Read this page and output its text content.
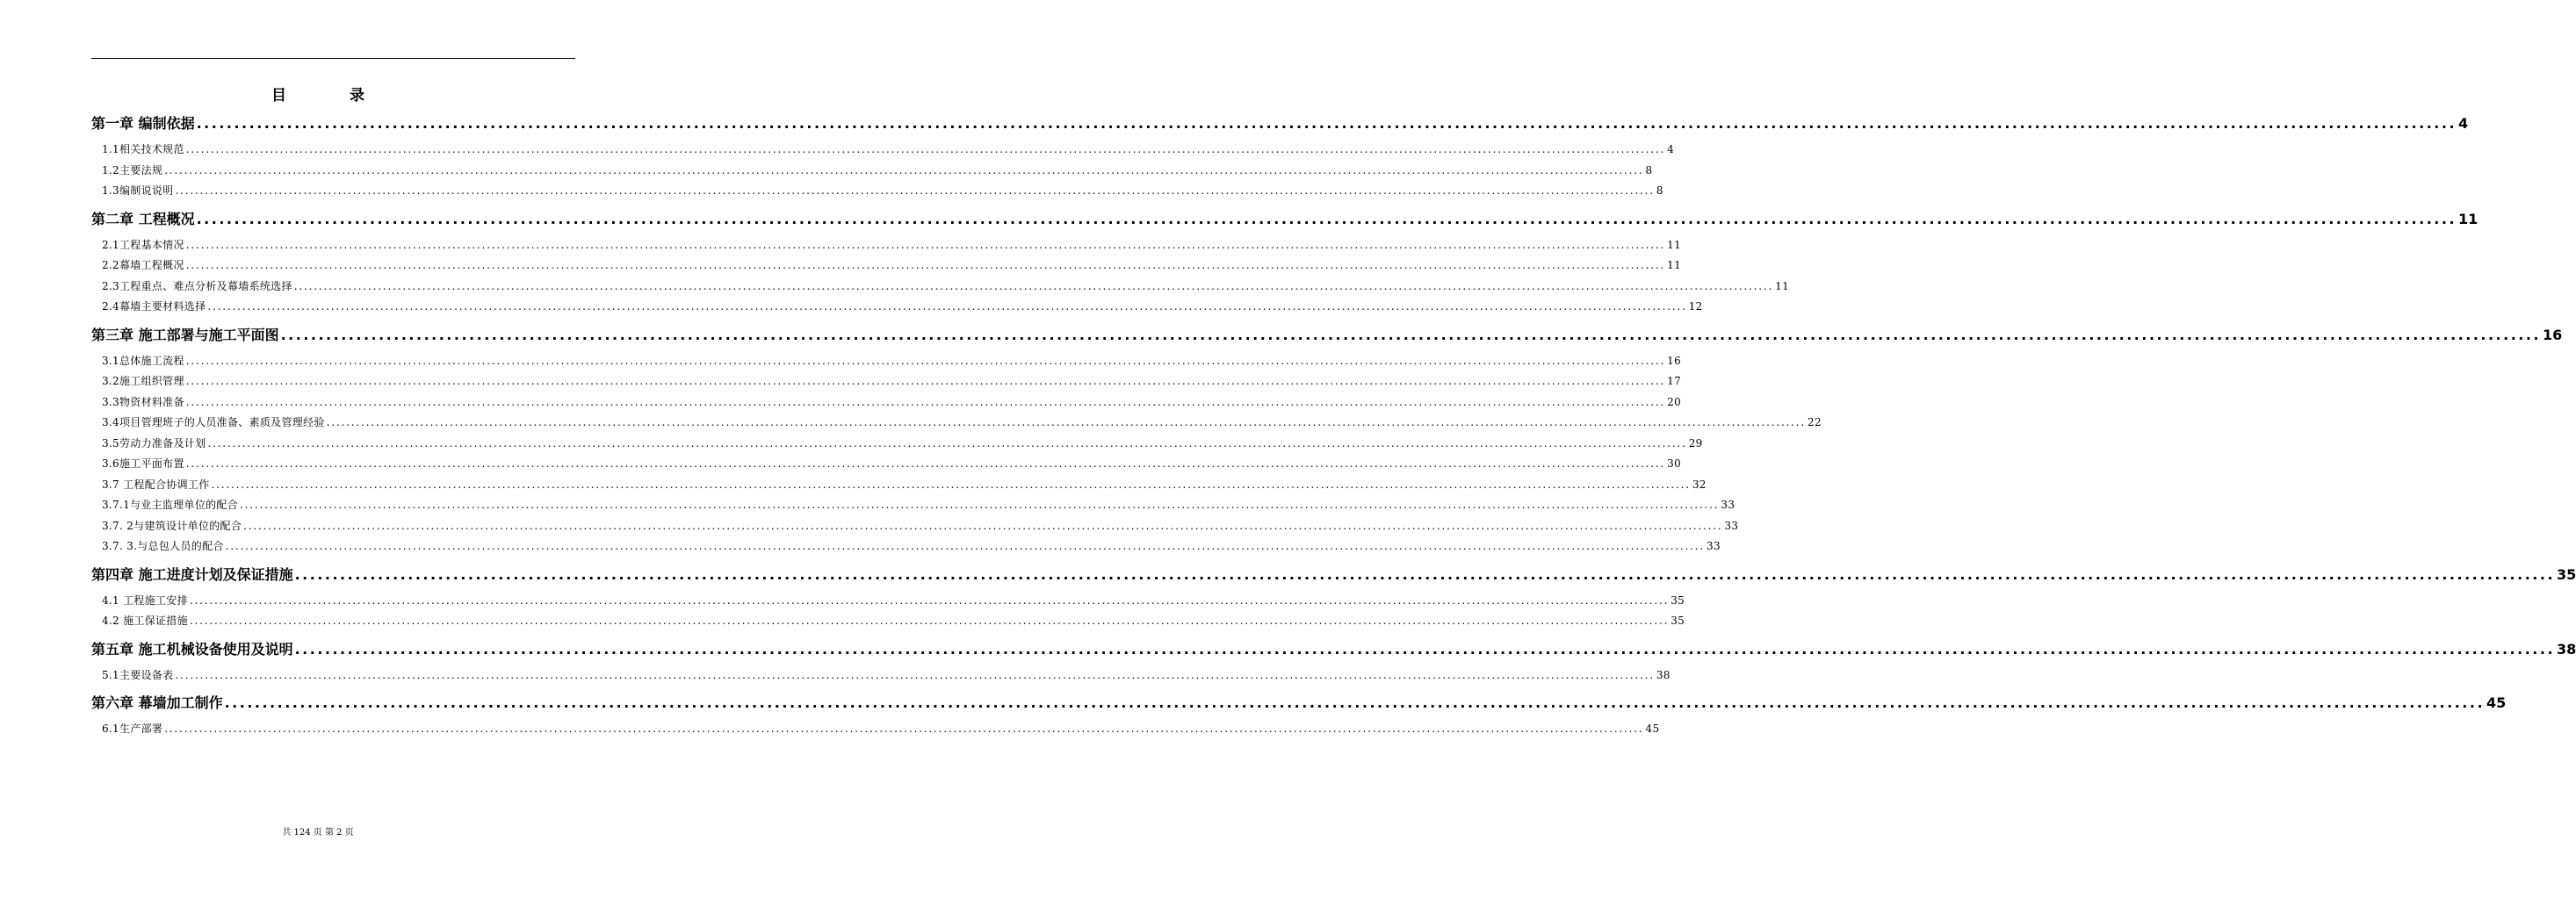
目	录
第一章 编制依据 ............................................................................................................................................................................................................................................................................................................ 4
1.1相关技术规范 ............................................................................................................................................................................................................................................................................................................ 4
1.2主要法规 ............................................................................................................................................................................................................................................................................................................ 8
1.3编制说说明 ............................................................................................................................................................................................................................................................................................................ 8
第二章 工程概况 ............................................................................................................................................................................................................................................................................................................ 11
2.1工程基本情况 ............................................................................................................................................................................................................................................................................................................ 11
2.2幕墙工程概况 ............................................................................................................................................................................................................................................................................................................ 11
2.3工程重点、难点分析及幕墙系统选择 ............................................................................................................................................................................................................................................................................................................ 11
2.4幕墙主要材料选择 ............................................................................................................................................................................................................................................................................................................ 12
第三章 施工部署与施工平面图 ............................................................................................................................................................................................................................................................................................................ 16
3.1总体施工流程 ............................................................................................................................................................................................................................................................................................................ 16
3.2施工组织管理 ............................................................................................................................................................................................................................................................................................................ 17
3.3物资材料准备 ............................................................................................................................................................................................................................................................................................................ 20
3.4项目管理班子的人员准备、素质及管理经验 ............................................................................................................................................................................................................................................................................................................ 22
3.5劳动力准备及计划 ............................................................................................................................................................................................................................................................................................................ 29
3.6施工平面布置 ............................................................................................................................................................................................................................................................................................................ 30
3.7 工程配合协调工作 ............................................................................................................................................................................................................................................................................................................ 32
3.7.1与业主监理单位的配合 ............................................................................................................................................................................................................................................................................................................ 33
3.7. 2与建筑设计单位的配合 ............................................................................................................................................................................................................................................................................................................ 33
3.7. 3.与总包人员的配合 ............................................................................................................................................................................................................................................................................................................ 33
第四章 施工进度计划及保证措施 ............................................................................................................................................................................................................................................................................................................ 35
4.1 工程施工安排 ............................................................................................................................................................................................................................................................................................................ 35
4.2 施工保证措施 ............................................................................................................................................................................................................................................................................................................ 35
第五章 施工机械设备使用及说明 ............................................................................................................................................................................................................................................................................................................ 38
5.1主要设备表 ............................................................................................................................................................................................................................................................................................................ 38
第六章 幕墙加工制作 ............................................................................................................................................................................................................................................................................................................ 45
6.1生产部署 ............................................................................................................................................................................................................................................................................................................ 45
共 124 页 第 2 页
